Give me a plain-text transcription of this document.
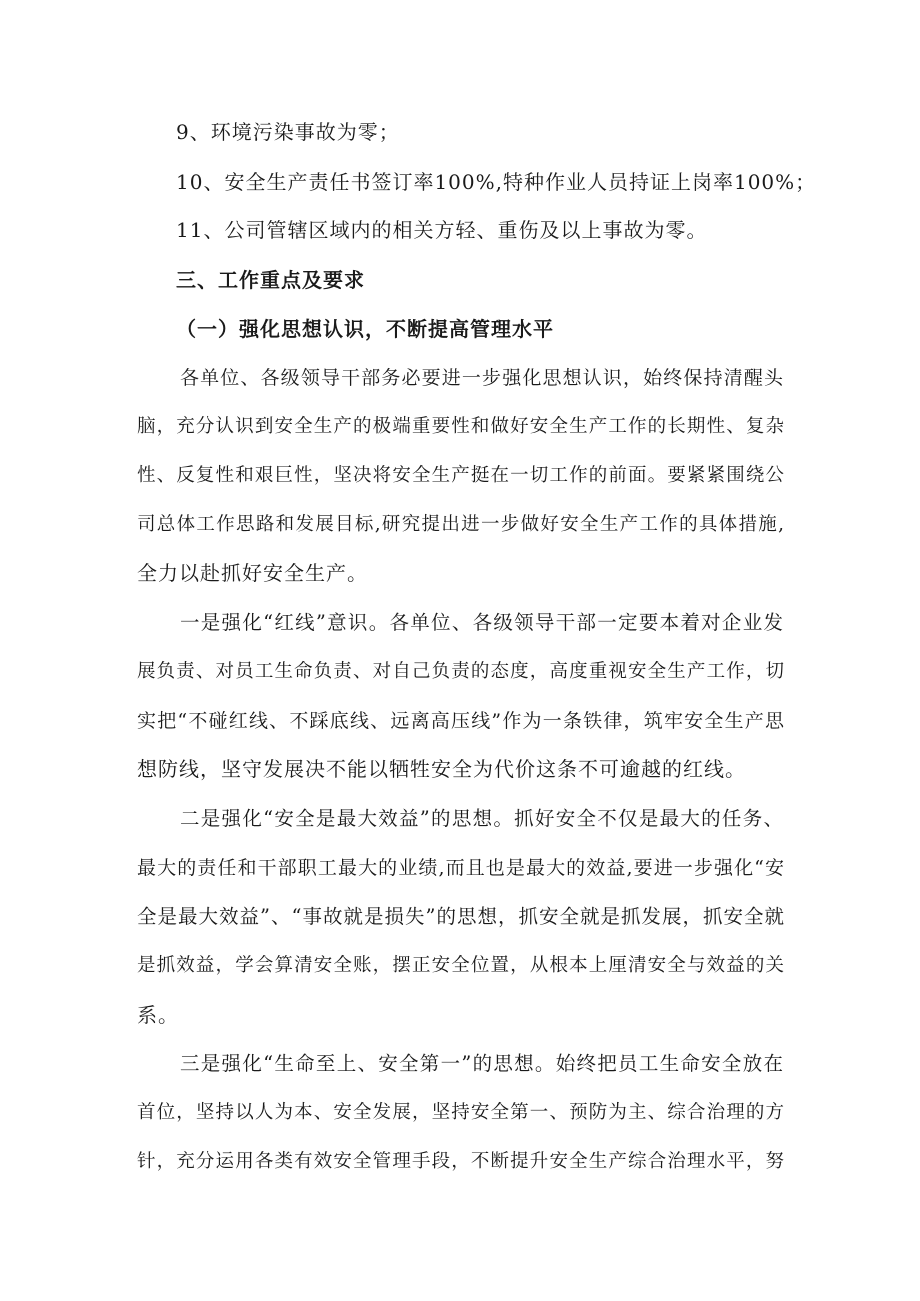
9、环境污染事故为零；
10、安全生产责任书签订率100%,特种作业人员持证上岗率100%；
11、公司管辖区域内的相关方轻、重伤及以上事故为零。
三、工作重点及要求
（一）强化思想认识，不断提高管理水平
各单位、各级领导干部务必要进一步强化思想认识，始终保持清醒头
脑，充分认识到安全生产的极端重要性和做好安全生产工作的长期性、复杂
性、反复性和艰巨性，坚决将安全生产挺在一切工作的前面。要紧紧围绕公
司总体工作思路和发展目标,研究提出进一步做好安全生产工作的具体措施,
全力以赴抓好安全生产。
一是强化“红线”意识。各单位、各级领导干部一定要本着对企业发
展负责、对员工生命负责、对自己负责的态度，高度重视安全生产工作，切
实把“不碰红线、不踩底线、远离高压线”作为一条铁律，筑牢安全生产思
想防线，坚守发展决不能以牺牲安全为代价这条不可逾越的红线。
二是强化“安全是最大效益”的思想。抓好安全不仅是最大的任务、
最大的责任和干部职工最大的业绩,而且也是最大的效益,要进一步强化“安
全是最大效益”、“事故就是损失”的思想，抓安全就是抓发展，抓安全就
是抓效益，学会算清安全账，摆正安全位置，从根本上厘清安全与效益的关
系。
三是强化“生命至上、安全第一”的思想。始终把员工生命安全放在
首位，坚持以人为本、安全发展，坚持安全第一、预防为主、综合治理的方
针，充分运用各类有效安全管理手段，不断提升安全生产综合治理水平，努
